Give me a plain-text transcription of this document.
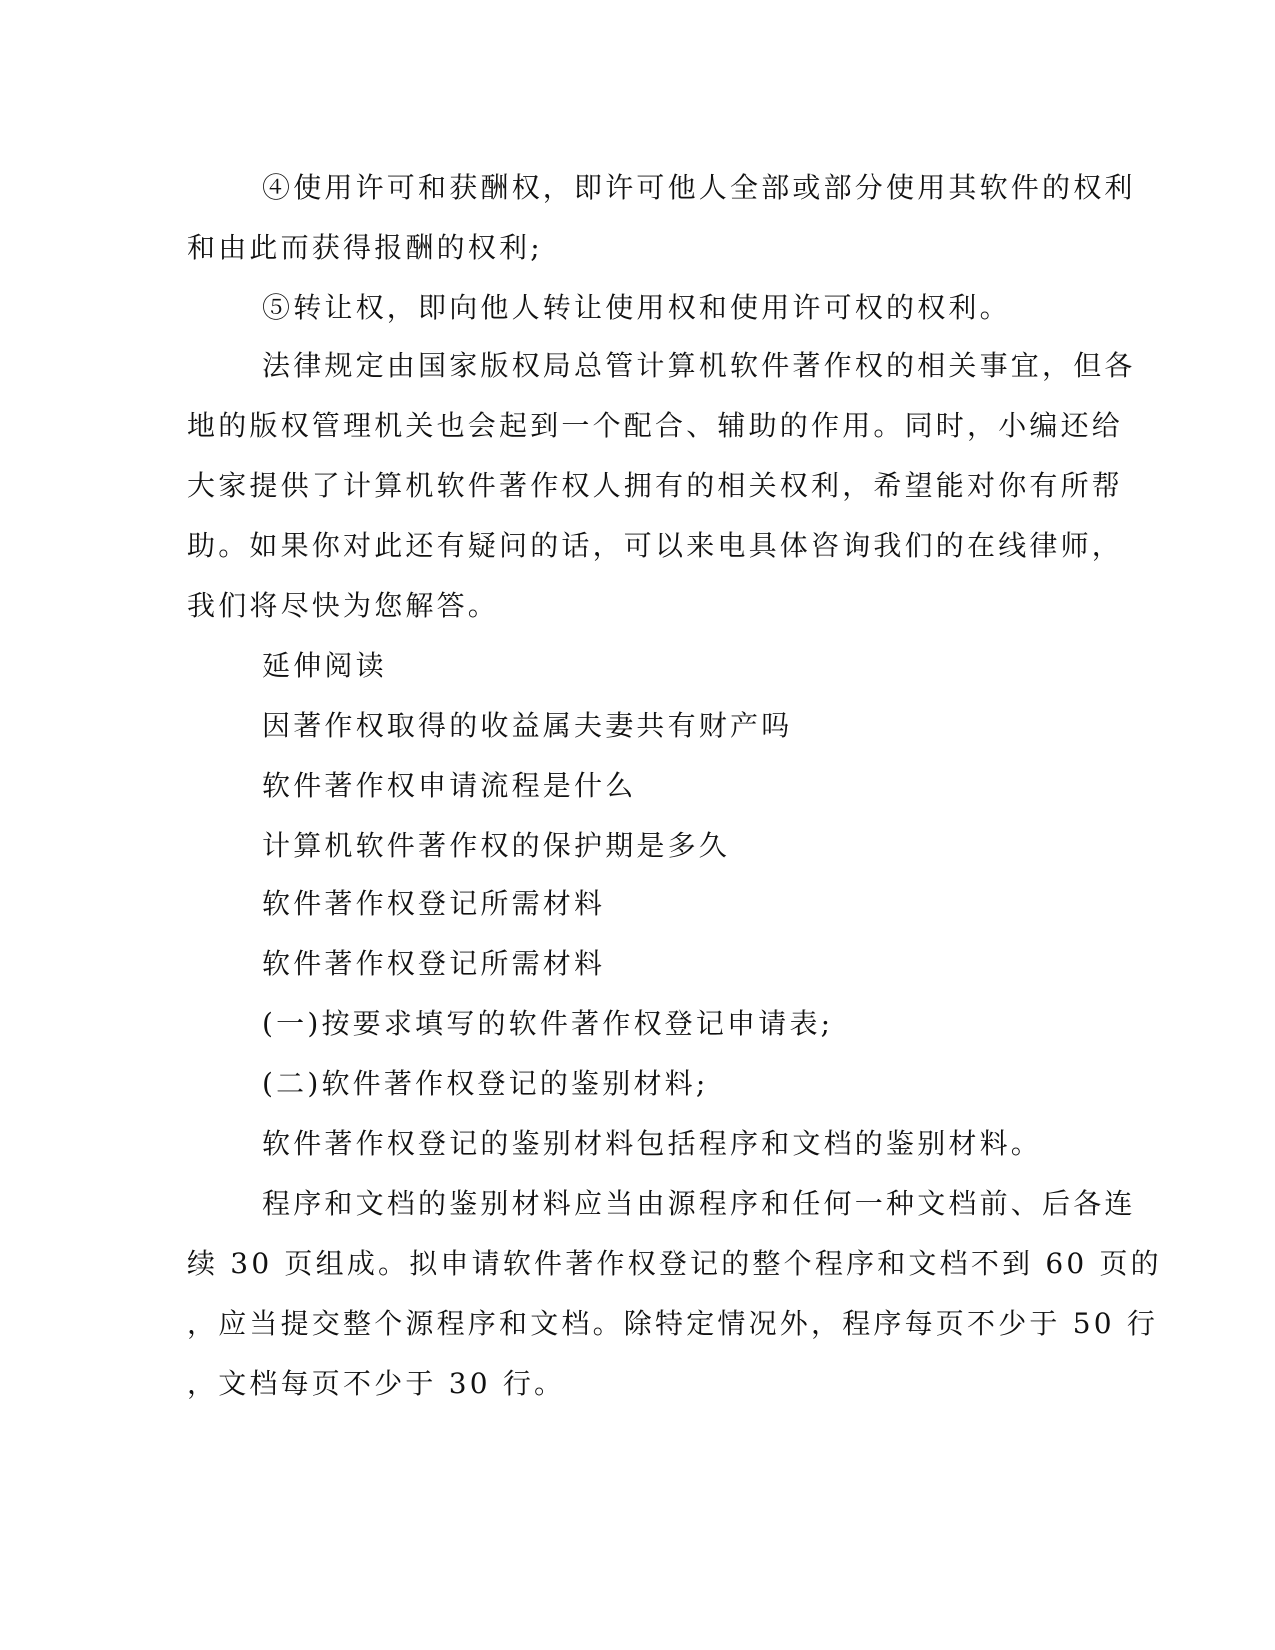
④使用许可和获酬权，即许可他人全部或部分使用其软件的权利

和由此而获得报酬的权利;

⑤转让权，即向他人转让使用权和使用许可权的权利。

法律规定由国家版权局总管计算机软件著作权的相关事宜，但各

地的版权管理机关也会起到一个配合、辅助的作用。同时，小编还给

大家提供了计算机软件著作权人拥有的相关权利，希望能对你有所帮

助。如果你对此还有疑问的话，可以来电具体咨询我们的在线律师，

我们将尽快为您解答。

延伸阅读

因著作权取得的收益属夫妻共有财产吗

软件著作权申请流程是什么

计算机软件著作权的保护期是多久

软件著作权登记所需材料

软件著作权登记所需材料

(一)按要求填写的软件著作权登记申请表;

(二)软件著作权登记的鉴别材料;

软件著作权登记的鉴别材料包括程序和文档的鉴别材料。

程序和文档的鉴别材料应当由源程序和任何一种文档前、后各连

续 30 页组成。拟申请软件著作权登记的整个程序和文档不到 60 页的

，应当提交整个源程序和文档。除特定情况外，程序每页不少于 50 行

，文档每页不少于 30 行。
